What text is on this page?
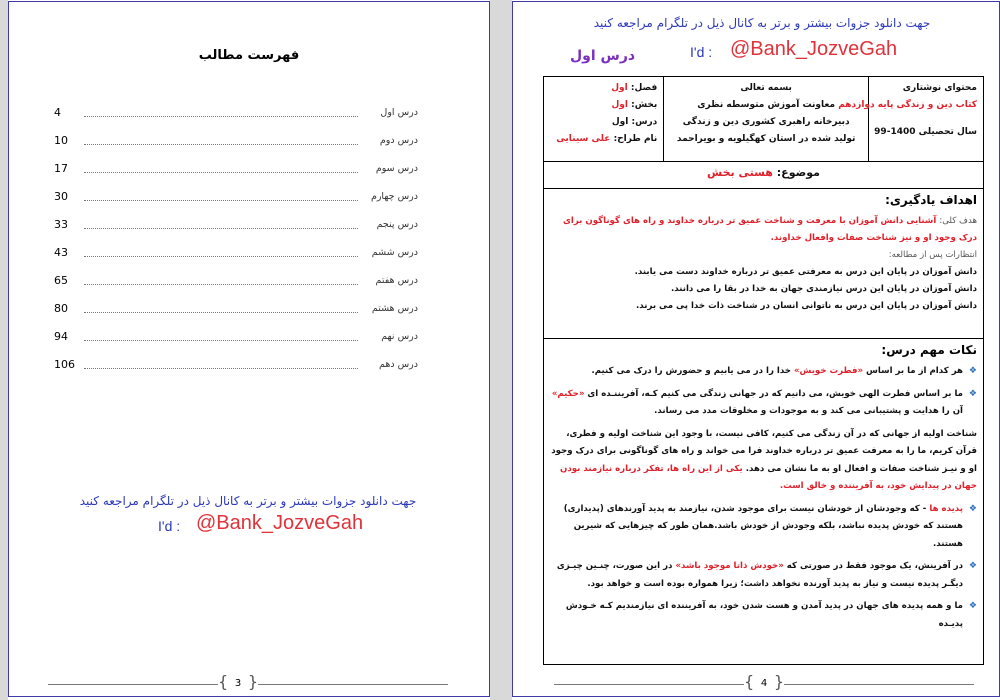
فهرست مطالب
4	درس اول
10	درس دوم
17	درس سوم
30	درس چهارم
33	درس پنجم
43	درس ششم
65	درس هفتم
80	درس هشتم
94	درس نهم
106	درس دهم
جهت دانلود جزوات بیشتر و برتر به کانال ذیل در تلگرام مراجعه کنید
I'd : @Bank_JozveGah
{ 3 }
جهت دانلود جزوات بیشتر و برتر به کانال ذیل در تلگرام مراجعه کنید
I'd : @Bank_JozveGah
درس اول
محتوای نوشتاری
کتاب دین و زندگی پایه دوازدهم
سال تحصیلی 1400-99
بسمه تعالی
معاونت آموزش متوسطه نظری
دبیرخانه راهبری کشوری دین و زندگی
تولید شده در استان کهگیلویه و بویراحمد
فصل: اول
بخش: اول
درس: اول
نام طراح: علی سینایی
موضوع: هستی بخش
اهداف یادگیری:
هدف کلی: آشنایی دانش آموزان با معرفت و شناخت عمیق تر درباره خداوند و راه های گوناگون برای درک وجود او و نیز شناخت صفات وافعال خداوند.
انتظارات پس از مطالعه:
دانش آموزان در پایان این درس به معرفتی عمیق تر درباره خداوند دست می یابند.
دانش آموزان در پایان این درس نیازمندی جهان به خدا در بقا را می دانند.
دانش آموزان در پایان این درس به ناتوانی انسان در شناخت ذات خدا پی می برند.
نکات مهم درس:
❖
هر کدام از ما بر اساس «فطرت خویش» خدا را در می یابیم و حضورش را درک می کنیم.
❖
ما بر اساس فطرت الهی خویش، می دانیم که در جهانی زندگی می کنیم کـه، آفریننـده ای «حکیم» آن را هدایت و پشتیبانی می کند و به موجودات و مخلوقات مدد می رساند.
شناخت اولیه از جهانی که در آن زندگی می کنیم، کافی نیست، با وجود این شناخت اولیه و فطری، قرآن کریم، ما را به معرفت عمیق تر درباره خداوند فرا می خواند و راه های گوناگونی برای درک وجود او و نیـز شناخت صفات و افعال او به ما نشان می دهد. یکی از این راه ها، تفکر درباره نیازمند بودن جهان در پیدایش خود، به آفریننده و خالق است.
❖
پدیده ها - که وجودشان از خودشان نیست برای موجود شدن، نیازمند به پدید آورندهای (پدیداری) هستند که خودش پدیده نباشد، بلکه وجودش از خودش باشد.همان طور که چیزهایی که شیرین هستند.
❖
در آفرینش، یک موجود فقط در صورتی که «خودش ذاتا موجود باشد» در این صورت، چنـین چیـزی دیگـر پدیده نیست و نیاز به پدید آورنده نخواهد داشت؛ زیرا همواره بوده است و خواهد بود.
❖
ما و همه پدیده های جهان در پدید آمدن و هست شدن خود، به آفریننده ای نیازمندیم کـه خـودش پدیـده
{ 4 }
